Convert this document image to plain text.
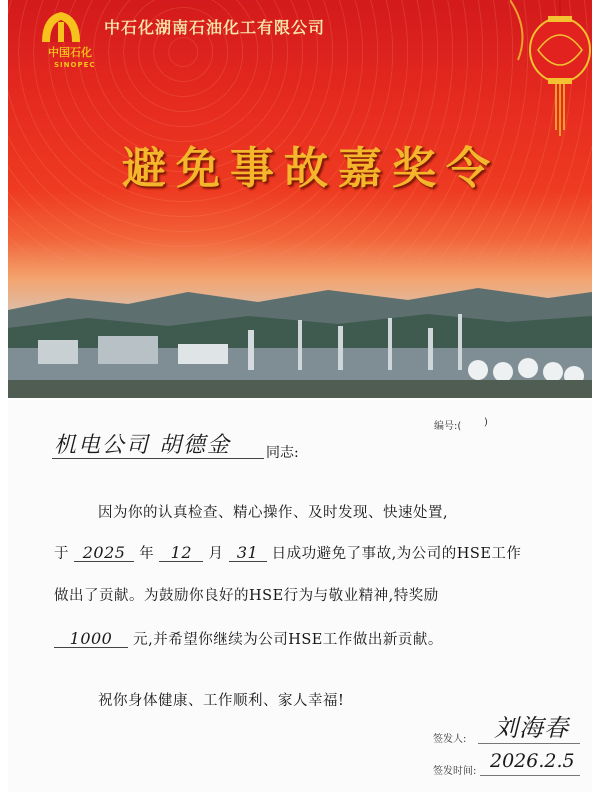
中国石化
SINOPEC
中石化湖南石油化工有限公司
避免事故嘉奖令
编号:( )
机电公司 胡德金	同志:
因为你的认真检查、精心操作、及时发现、快速处置,
于 2025 年 12 月 31 日成功避免了事故,为公司的HSE工作
做出了贡献。为鼓励你良好的HSE行为与敬业精神,特奖励
1000 元,并希望你继续为公司HSE工作做出新贡献。
祝你身体健康、工作顺利、家人幸福!
签发人: 刘海春
签发时间: 2026.2.5
